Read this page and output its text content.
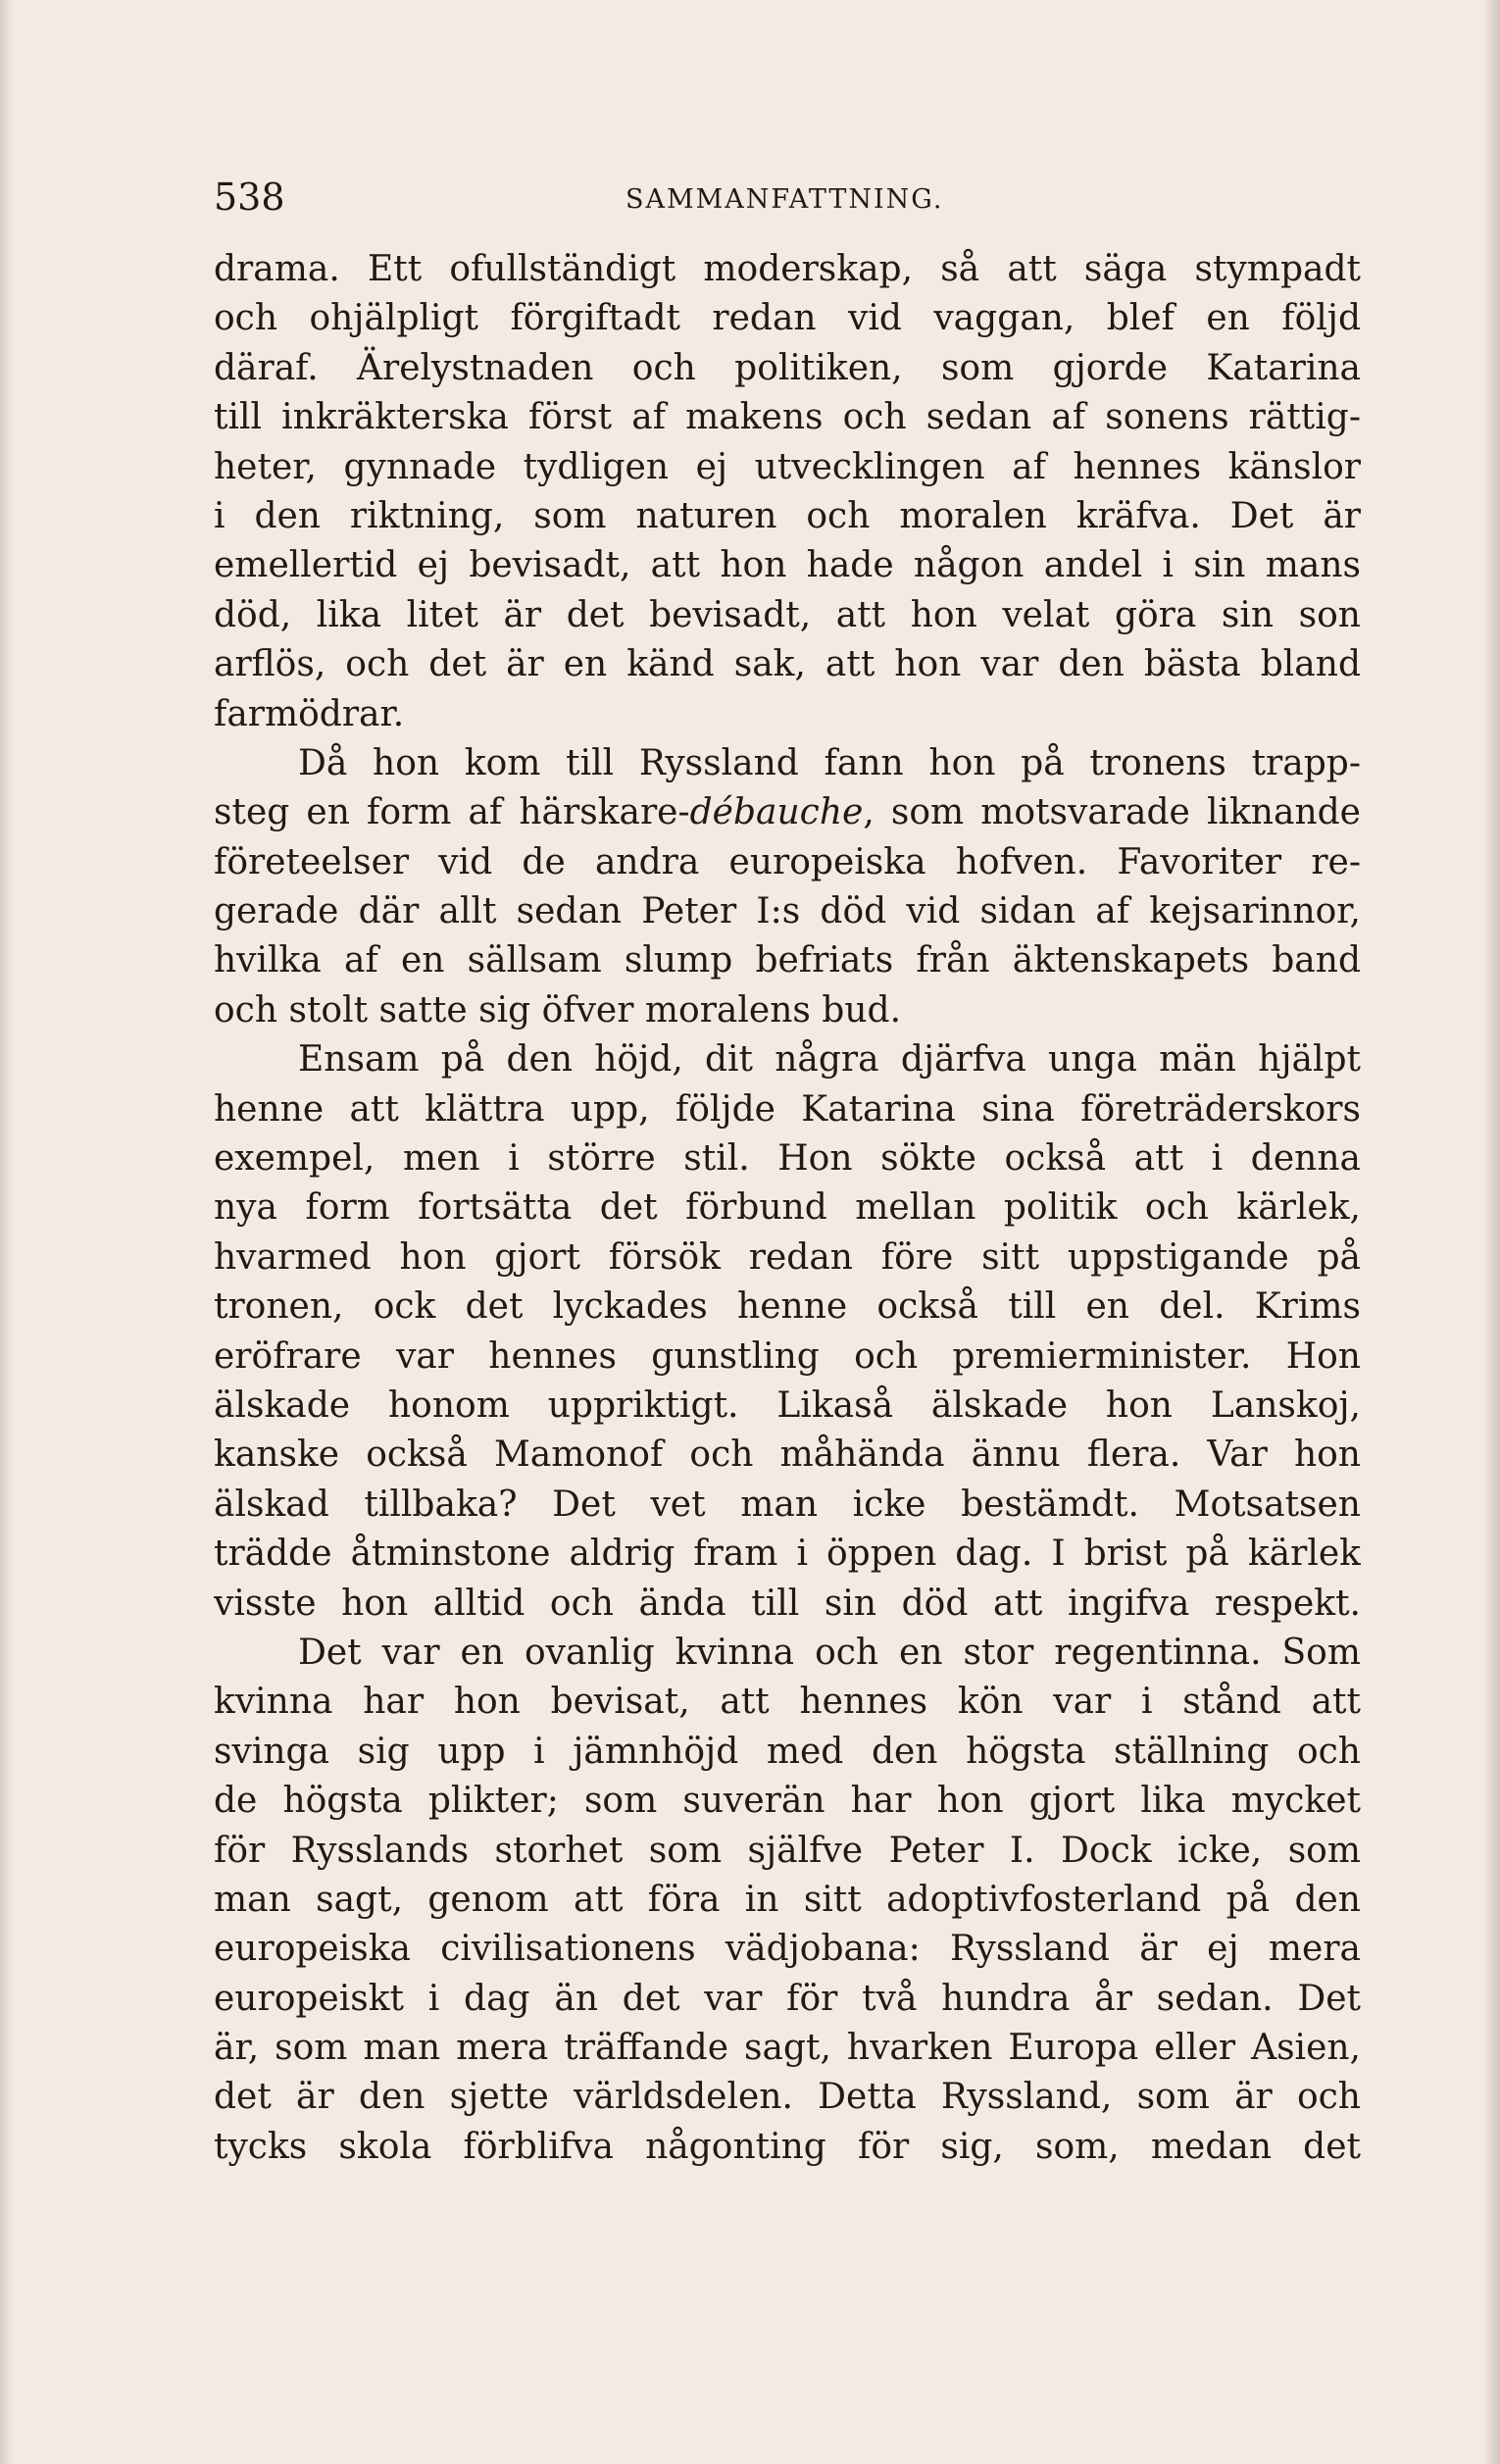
538	SAMMANFATTNING.
drama. Ett ofullständigt moderskap, så att säga stympadt
och ohjälpligt förgiftadt redan vid vaggan, blef en följd
däraf. Ärelystnaden och politiken, som gjorde Katarina
till inkräkterska först af makens och sedan af sonens rättig-
heter, gynnade tydligen ej utvecklingen af hennes känslor
i den riktning, som naturen och moralen kräfva. Det är
emellertid ej bevisadt, att hon hade någon andel i sin mans
död, lika litet är det bevisadt, att hon velat göra sin son
arflös, och det är en känd sak, att hon var den bästa bland
farmödrar.
Då hon kom till Ryssland fann hon på tronens trapp-
steg en form af härskare-débauche, som motsvarade liknande
företeelser vid de andra europeiska hofven. Favoriter re-
gerade där allt sedan Peter I:s död vid sidan af kejsarinnor,
hvilka af en sällsam slump befriats från äktenskapets band
och stolt satte sig öfver moralens bud.
Ensam på den höjd, dit några djärfva unga män hjälpt
henne att klättra upp, följde Katarina sina företräderskors
exempel, men i större stil. Hon sökte också att i denna
nya form fortsätta det förbund mellan politik och kärlek,
hvarmed hon gjort försök redan före sitt uppstigande på
tronen, ock det lyckades henne också till en del. Krims
eröfrare var hennes gunstling och premierminister. Hon
älskade honom uppriktigt. Likaså älskade hon Lanskoj,
kanske också Mamonof och måhända ännu flera. Var hon
älskad tillbaka? Det vet man icke bestämdt. Motsatsen
trädde åtminstone aldrig fram i öppen dag. I brist på kärlek
visste hon alltid och ända till sin död att ingifva respekt.
Det var en ovanlig kvinna och en stor regentinna. Som
kvinna har hon bevisat, att hennes kön var i stånd att
svinga sig upp i jämnhöjd med den högsta ställning och
de högsta plikter; som suverän har hon gjort lika mycket
för Rysslands storhet som själfve Peter I. Dock icke, som
man sagt, genom att föra in sitt adoptivfosterland på den
europeiska civilisationens vädjobana: Ryssland är ej mera
europeiskt i dag än det var för två hundra år sedan. Det
är, som man mera träffande sagt, hvarken Europa eller Asien,
det är den sjette världsdelen. Detta Ryssland, som är och
tycks skola förblifva någonting för sig, som, medan det
